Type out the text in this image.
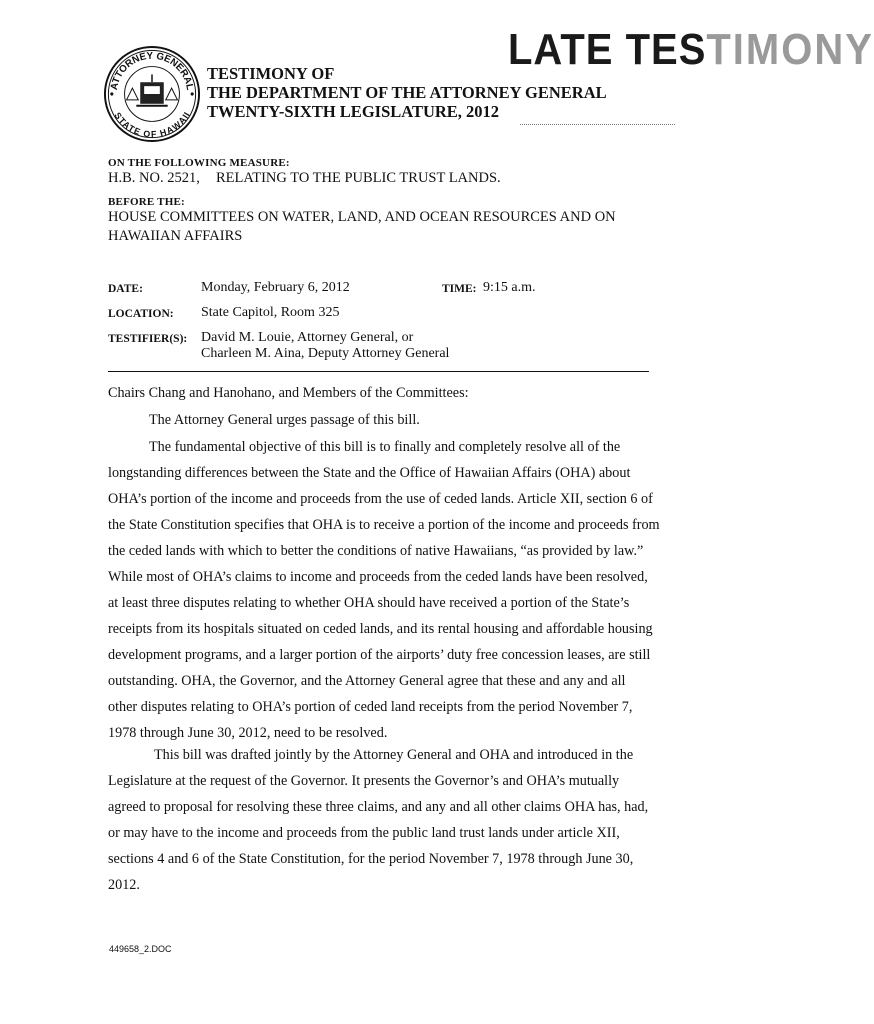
ATTORNEY GENERAL
STATE OF HAWAII
LATE TESTIMONY
TESTIMONY OF
THE DEPARTMENT OF THE ATTORNEY GENERAL
TWENTY-SIXTH LEGISLATURE, 2012
ON THE FOLLOWING MEASURE:
H.B. NO. 2521, RELATING TO THE PUBLIC TRUST LANDS.
BEFORE THE:
HOUSE COMMITTEES ON WATER, LAND, AND OCEAN RESOURCES AND ON
HAWAIIAN AFFAIRS
DATE:	Monday, February 6, 2012	TIME: 9:15 a.m.
LOCATION: State Capitol, Room 325
TESTIFIER(S): David M. Louie, Attorney General, or
Charleen M. Aina, Deputy Attorney General
Chairs Chang and Hanohano, and Members of the Committees:
The Attorney General urges passage of this bill.
The fundamental objective of this bill is to finally and completely resolve all of the
longstanding differences between the State and the Office of Hawaiian Affairs (OHA) about
OHA’s portion of the income and proceeds from the use of ceded lands. Article XII, section 6 of
the State Constitution specifies that OHA is to receive a portion of the income and proceeds from
the ceded lands with which to better the conditions of native Hawaiians, “as provided by law.”
While most of OHA’s claims to income and proceeds from the ceded lands have been resolved,
at least three disputes relating to whether OHA should have received a portion of the State’s
receipts from its hospitals situated on ceded lands, and its rental housing and affordable housing
development programs, and a larger portion of the airports’ duty free concession leases, are still
outstanding. OHA, the Governor, and the Attorney General agree that these and any and all
other disputes relating to OHA’s portion of ceded land receipts from the period November 7,
1978 through June 30, 2012, need to be resolved.
This bill was drafted jointly by the Attorney General and OHA and introduced in the
Legislature at the request of the Governor. It presents the Governor’s and OHA’s mutually
agreed to proposal for resolving these three claims, and any and all other claims OHA has, had,
or may have to the income and proceeds from the public land trust lands under article XII,
sections 4 and 6 of the State Constitution, for the period November 7, 1978 through June 30,
2012.
449658_2.DOC
